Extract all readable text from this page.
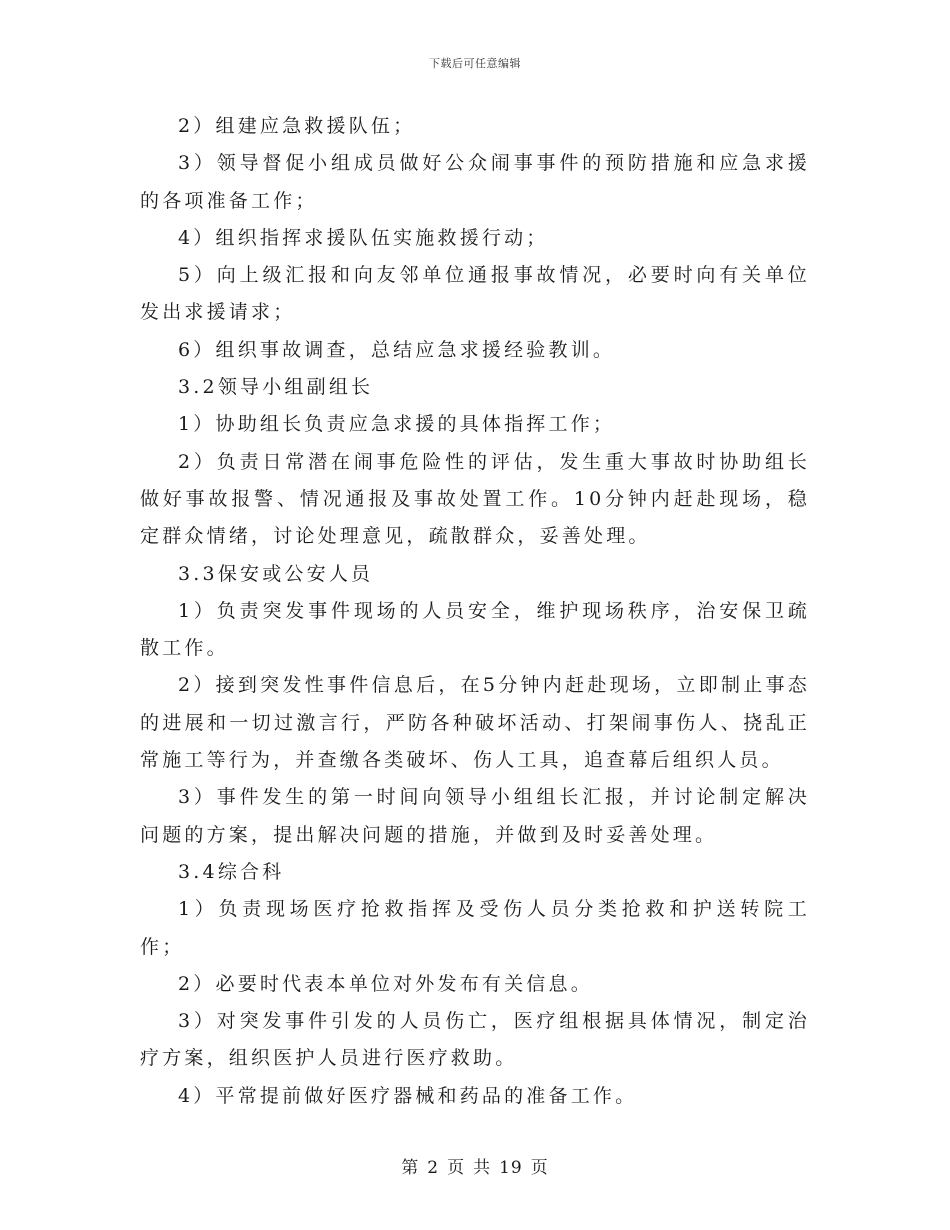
下载后可任意编辑

2）组建应急救援队伍；

3）领导督促小组成员做好公众闹事事件的预防措施和应急求援的各项准备工作；

4）组织指挥求援队伍实施救援行动；

5）向上级汇报和向友邻单位通报事故情况，必要时向有关单位发出求援请求；

6）组织事故调查，总结应急求援经验教训。

3.2领导小组副组长

1）协助组长负责应急求援的具体指挥工作；

2）负责日常潜在闹事危险性的评估，发生重大事故时协助组长做好事故报警、情况通报及事故处置工作。10分钟内赶赴现场，稳定群众情绪，讨论处理意见，疏散群众，妥善处理。

3.3保安或公安人员

1）负责突发事件现场的人员安全，维护现场秩序，治安保卫疏散工作。

2）接到突发性事件信息后，在5分钟内赶赴现场，立即制止事态的进展和一切过激言行，严防各种破坏活动、打架闹事伤人、挠乱正常施工等行为，并查缴各类破坏、伤人工具，追查幕后组织人员。

3）事件发生的第一时间向领导小组组长汇报，并讨论制定解决问题的方案，提出解决问题的措施，并做到及时妥善处理。

3.4综合科

1）负责现场医疗抢救指挥及受伤人员分类抢救和护送转院工作；

2）必要时代表本单位对外发布有关信息。

3）对突发事件引发的人员伤亡，医疗组根据具体情况，制定治疗方案，组织医护人员进行医疗救助。

4）平常提前做好医疗器械和药品的准备工作。

第 2 页 共 19 页
